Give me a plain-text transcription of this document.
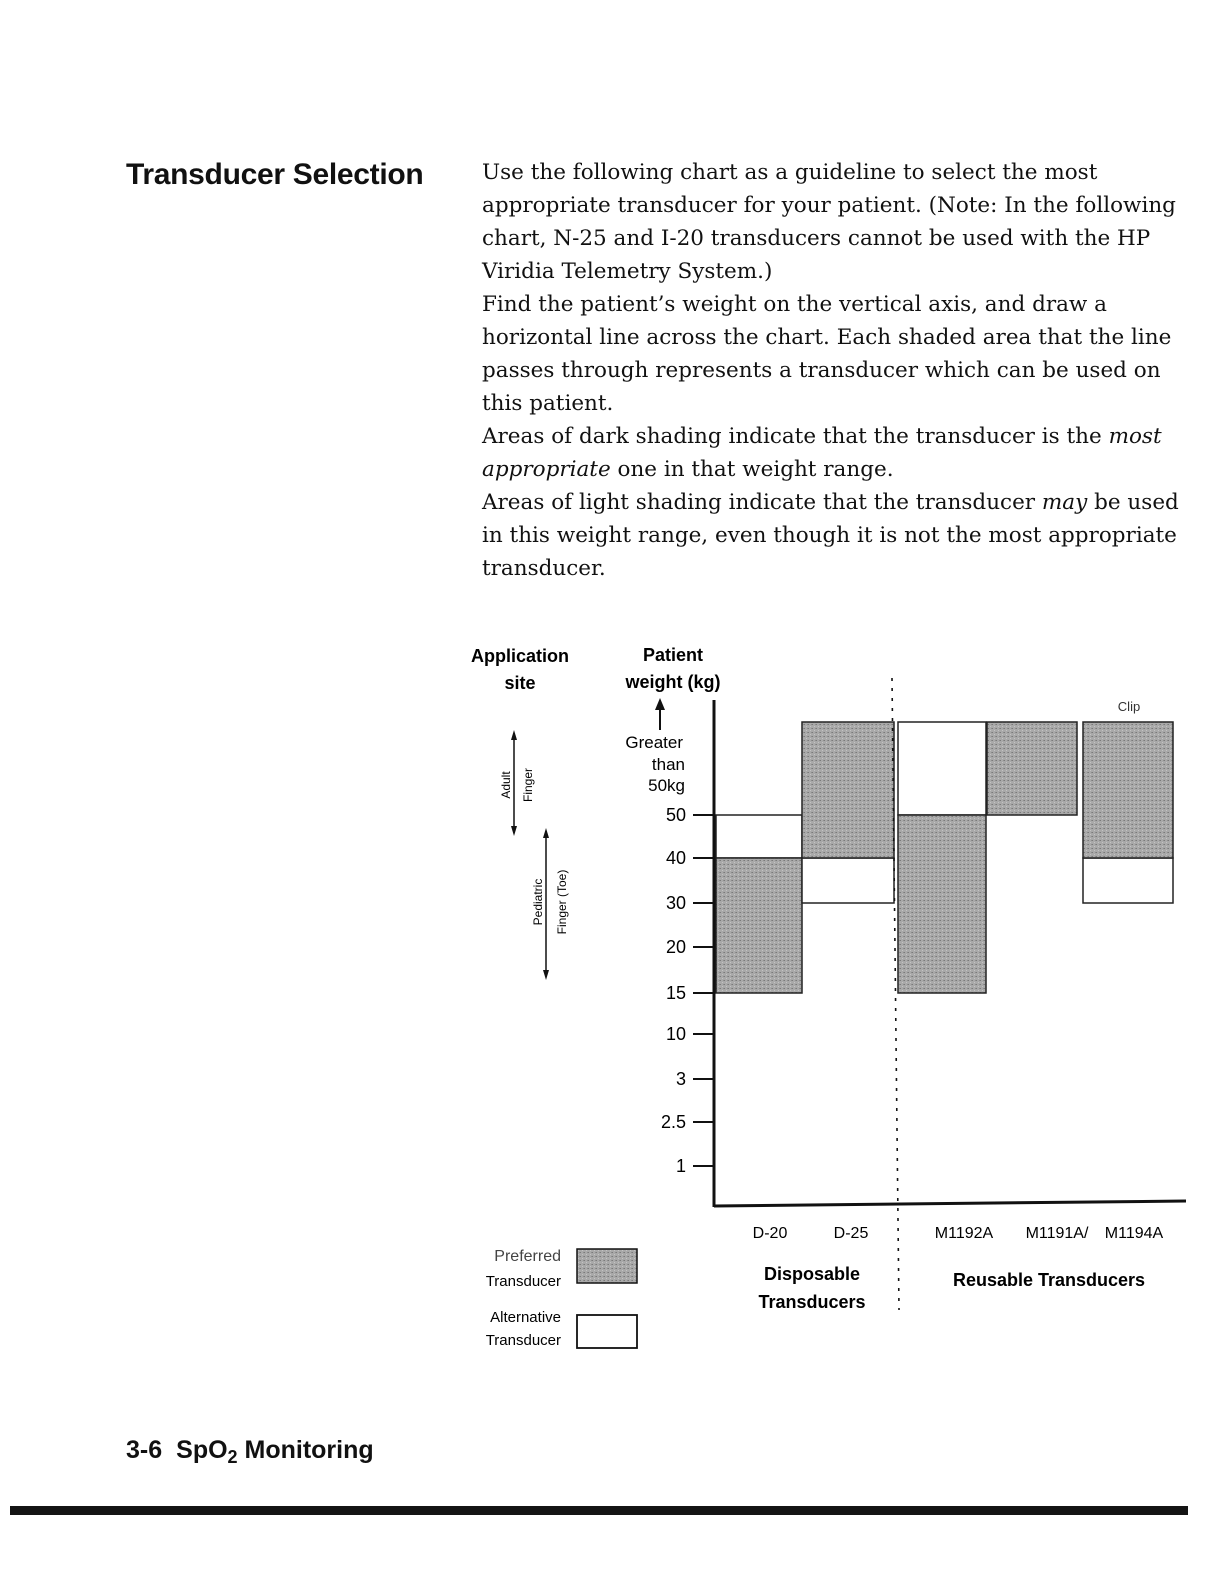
Transducer Selection	Use the following chart as a guideline to select the most appropriate transducer for your patient. (Note: In the following chart, N-25 and I-20 transducers cannot be used with the HP Viridia Telemetry System.)

Find the patient’s weight on the vertical axis, and draw a horizontal line across the chart. Each shaded area that the line passes through represents a transducer which can be used on this patient.

Areas of dark shading indicate that the transducer is the most appropriate one in that weight range.

Areas of light shading indicate that the transducer may be used in this weight range, even though it is not the most appropriate transducer.

Application
site
Patient
weight (kg)
Greater
than
50kg
Adult Finger
Pediatric Finger (Toe)
1
2.5
3
10
15
20
30
40
50
Clip
D-20	D-25	M1192A M1191A/ M1194A
Disposable
Transducers
Reusable Transducers
Preferred
Transducer
Alternative
Transducer
3-6 SpO$_2$ Monitoring
